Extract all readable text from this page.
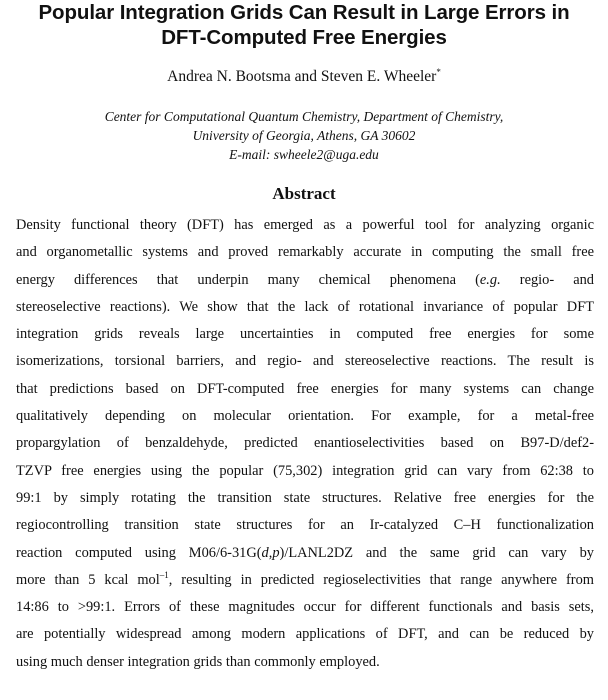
Popular Integration Grids Can Result in Large Errors in
DFT-Computed Free Energies
Andrea N. Bootsma and Steven E. Wheeler*
Center for Computational Quantum Chemistry, Department of Chemistry,
University of Georgia, Athens, GA 30602
E-mail: swheele2@uga.edu
Abstract
Density functional theory (DFT) has emerged as a powerful tool for analyzing organic
and organometallic systems and proved remarkably accurate in computing the small free
energy differences that underpin many chemical phenomena (e.g. regio- and
stereoselective reactions). We show that the lack of rotational invariance of popular DFT
integration grids reveals large uncertainties in computed free energies for some
isomerizations, torsional barriers, and regio- and stereoselective reactions. The result is
that predictions based on DFT-computed free energies for many systems can change
qualitatively depending on molecular orientation. For example, for a metal-free
propargylation of benzaldehyde, predicted enantioselectivities based on B97-D/def2-
TZVP free energies using the popular (75,302) integration grid can vary from 62:38 to
99:1 by simply rotating the transition state structures. Relative free energies for the
regiocontrolling transition state structures for an Ir-catalyzed C–H functionalization
reaction computed using M06/6-31G(d,p)/LANL2DZ and the same grid can vary by
more than 5 kcal mol$^{-1}$, resulting in predicted regioselectivities that range anywhere from
14:86 to >99:1. Errors of these magnitudes occur for different functionals and basis sets,
are potentially widespread among modern applications of DFT, and can be reduced by
using much denser integration grids than commonly employed.
